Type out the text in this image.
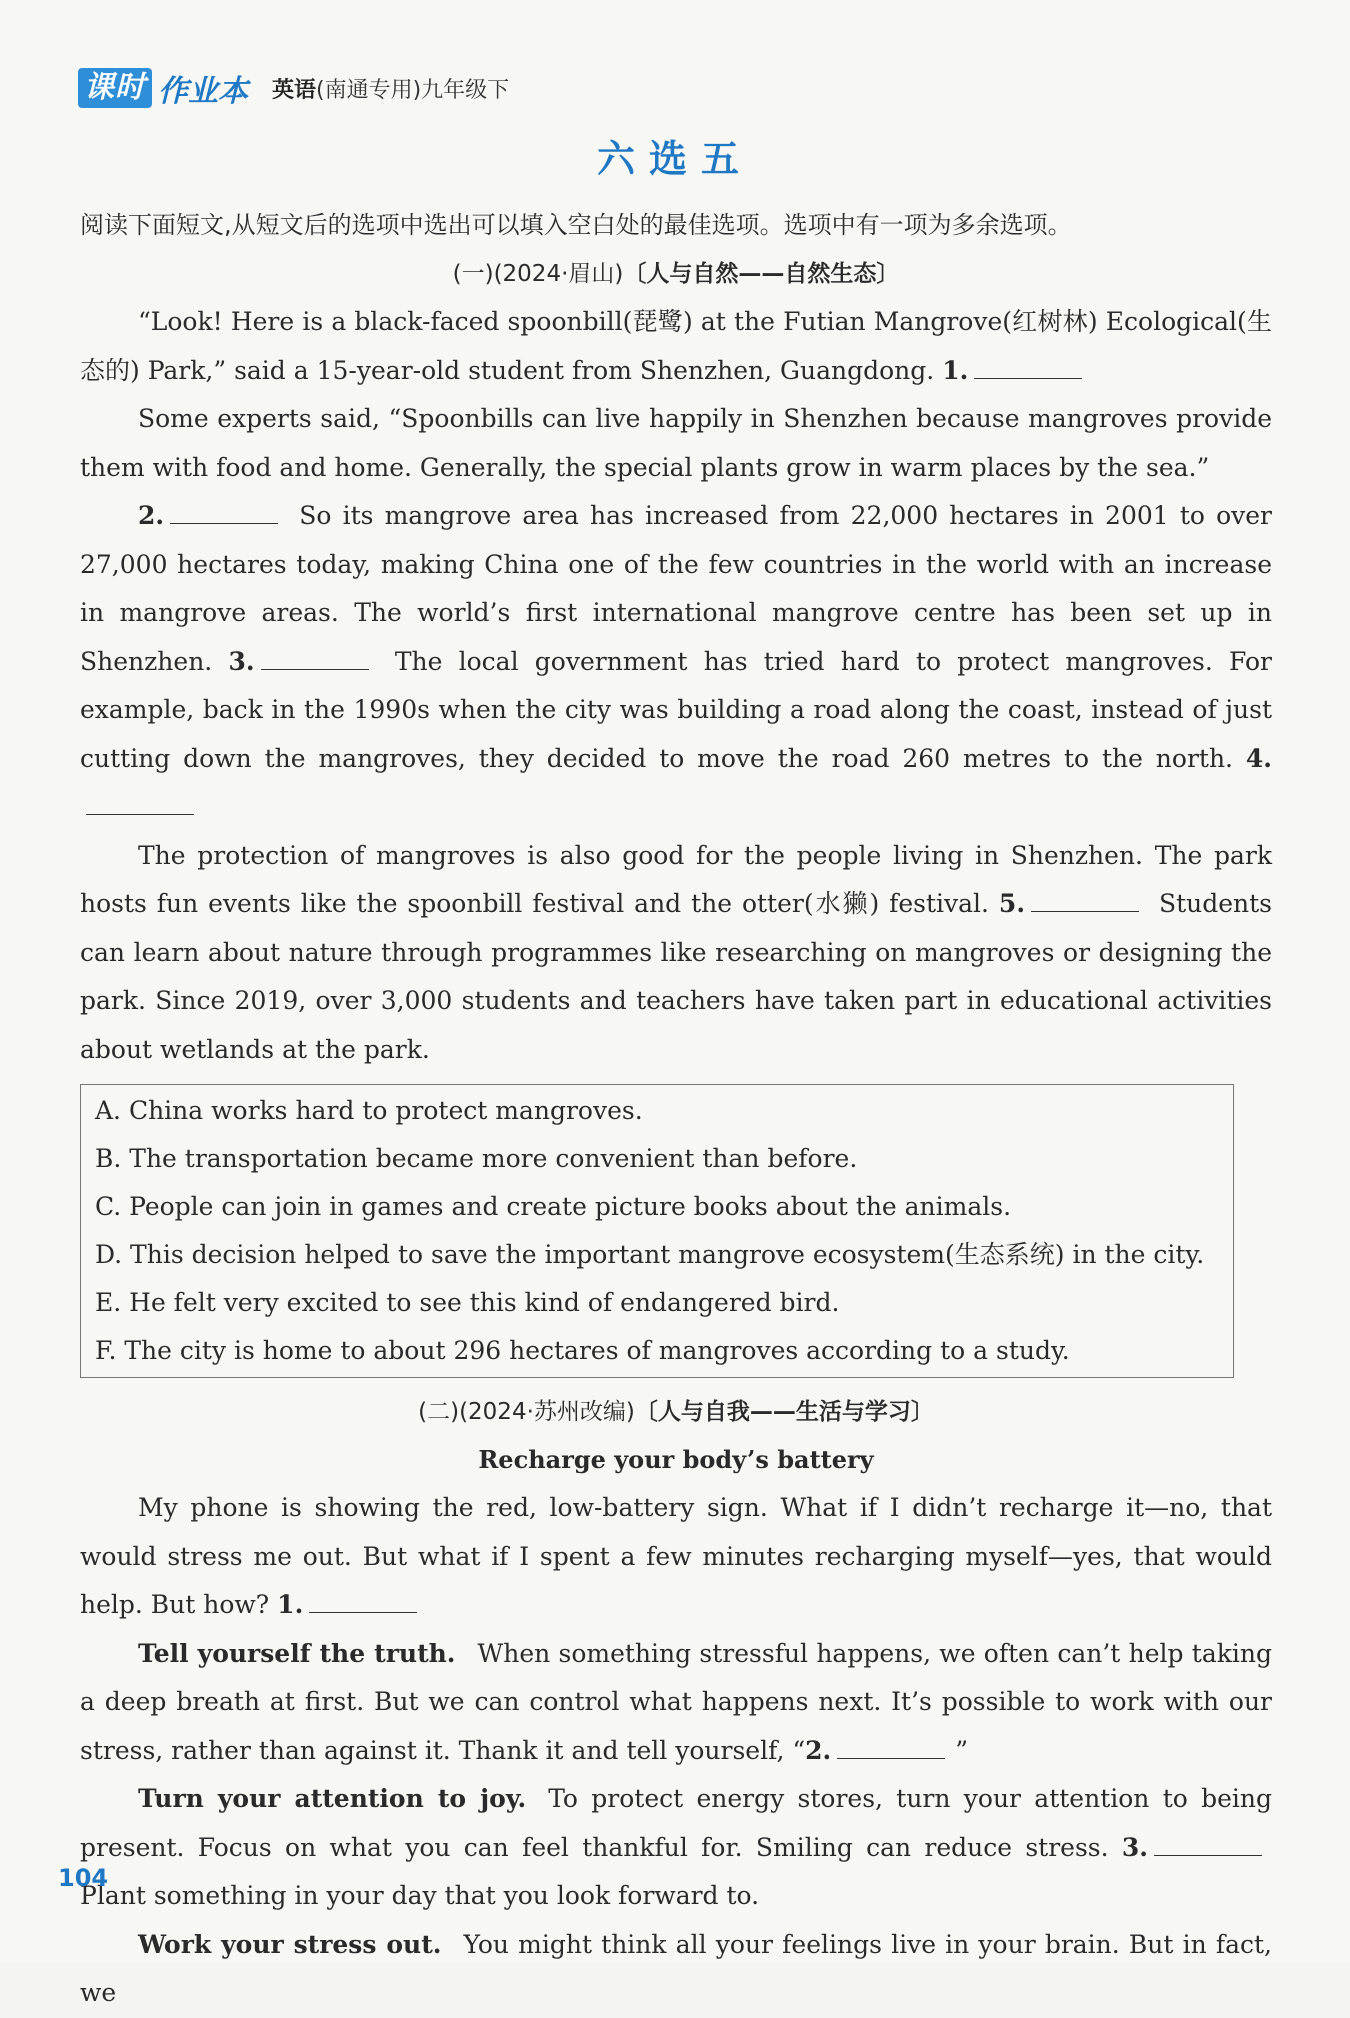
课时 作业本 英语(南通专用)九年级下
六选五

阅读下面短文,从短文后的选项中选出可以填入空白处的最佳选项。选项中有一项为多余选项。

(一)(2024·眉山)〔人与自然——自然生态〕

“Look! Here is a black-faced spoonbill(琵鹭) at the Futian Mangrove(红树林) Ecological(生态的) Park,” said a 15-year-old student from Shenzhen, Guangdong. 1.

Some experts said, “Spoonbills can live happily in Shenzhen because mangroves provide them with food and home. Generally, the special plants grow in warm places by the sea.”

2.	So its mangrove area has increased from 22,000 hectares in 2001 to over 27,000 hectares today, making China one of the few countries in the world with an increase in mangrove areas. The world’s first international mangrove centre has been set up in Shenzhen. 3.	The local government has tried hard to protect mangroves. For example, back in the 1990s when the city was building a road along the coast, instead of just cutting down the mangroves, they decided to move the road 260 metres to the north. 4.

The protection of mangroves is also good for the people living in Shenzhen. The park hosts fun events like the spoonbill festival and the otter(水獭) festival. 5.	Students can learn about nature through programmes like researching on mangroves or designing the park. Since 2019, over 3,000 students and teachers have taken part in educational activities about wetlands at the park.

A. China works hard to protect mangroves.
B. The transportation became more convenient than before.
C. People can join in games and create picture books about the animals.
D. This decision helped to save the important mangrove ecosystem(生态系统) in the city.
E. He felt very excited to see this kind of endangered bird.
F. The city is home to about 296 hectares of mangroves according to a study.
(二)(2024·苏州改编)〔人与自我——生活与学习〕
Recharge your body’s battery

My phone is showing the red, low-battery sign. What if I didn’t recharge it—no, that would stress me out. But what if I spent a few minutes recharging myself—yes, that would help. But how? 1.

Tell yourself the truth. When something stressful happens, we often can’t help taking a deep breath at first. But we can control what happens next. It’s possible to work with our stress, rather than against it. Thank it and tell yourself, “2.	”

Turn your attention to joy. To protect energy stores, turn your attention to being present. Focus on what you can feel thankful for. Smiling can reduce stress. 3. Plant something in your day that you look forward to.

Work your stress out. You might think all your feelings live in your brain. But in fact, we

104
